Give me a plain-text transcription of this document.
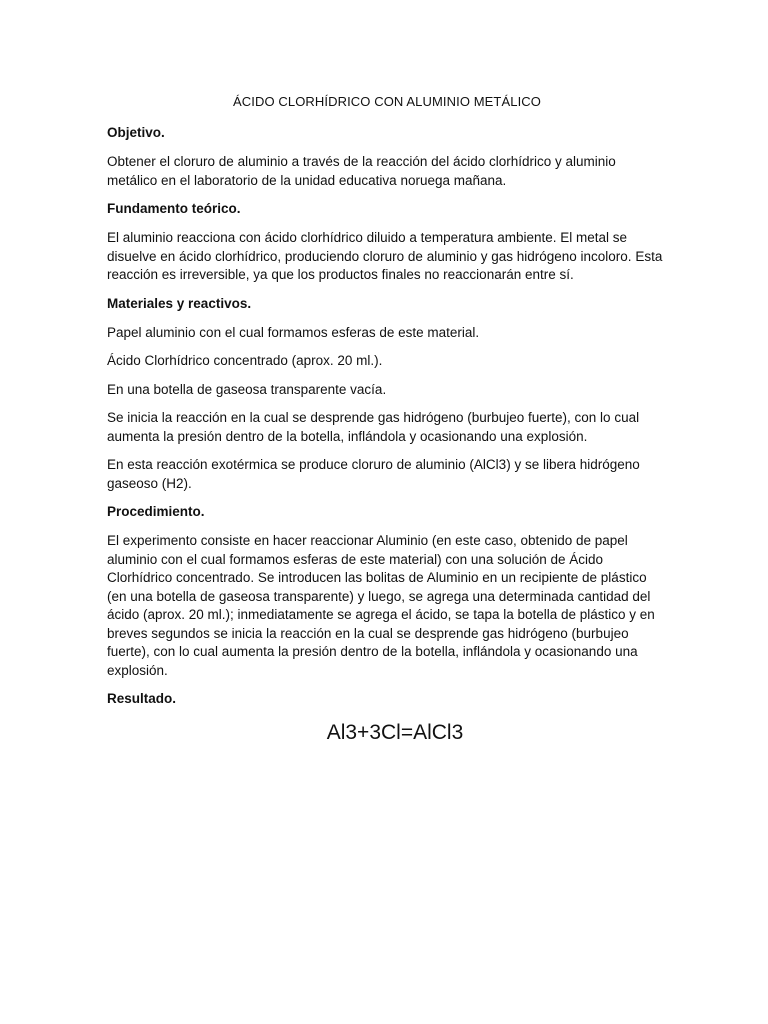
ÁCIDO CLORHÍDRICO CON ALUMINIO METÁLICO
Objetivo.

Obtener el cloruro de aluminio a través de la reacción del ácido clorhídrico y aluminio metálico en el laboratorio de la unidad educativa noruega mañana.

Fundamento teórico.

El aluminio reacciona con ácido clorhídrico diluido a temperatura ambiente. El metal se disuelve en ácido clorhídrico, produciendo cloruro de aluminio y gas hidrógeno incoloro. Esta reacción es irreversible, ya que los productos finales no reaccionarán entre sí.

Materiales y reactivos.

Papel aluminio con el cual formamos esferas de este material.

Ácido Clorhídrico concentrado (aprox. 20 ml.).

En una botella de gaseosa transparente vacía.

Se inicia la reacción en la cual se desprende gas hidrógeno (burbujeo fuerte), con lo cual aumenta la presión dentro de la botella, inflándola y ocasionando una explosión.

En esta reacción exotérmica se produce cloruro de aluminio (AlCl3) y se libera hidrógeno gaseoso (H2).

Procedimiento.

El experimento consiste en hacer reaccionar Aluminio (en este caso, obtenido de papel aluminio con el cual formamos esferas de este material) con una solución de Ácido Clorhídrico concentrado. Se introducen las bolitas de Aluminio en un recipiente de plástico (en una botella de gaseosa transparente) y luego, se agrega una determinada cantidad del ácido (aprox. 20 ml.); inmediatamente se agrega el ácido, se tapa la botella de plástico y en breves segundos se inicia la reacción en la cual se desprende gas hidrógeno (burbujeo fuerte), con lo cual aumenta la presión dentro de la botella, inflándola y ocasionando una explosión.

Resultado.
Al3+3Cl=AlCl3
